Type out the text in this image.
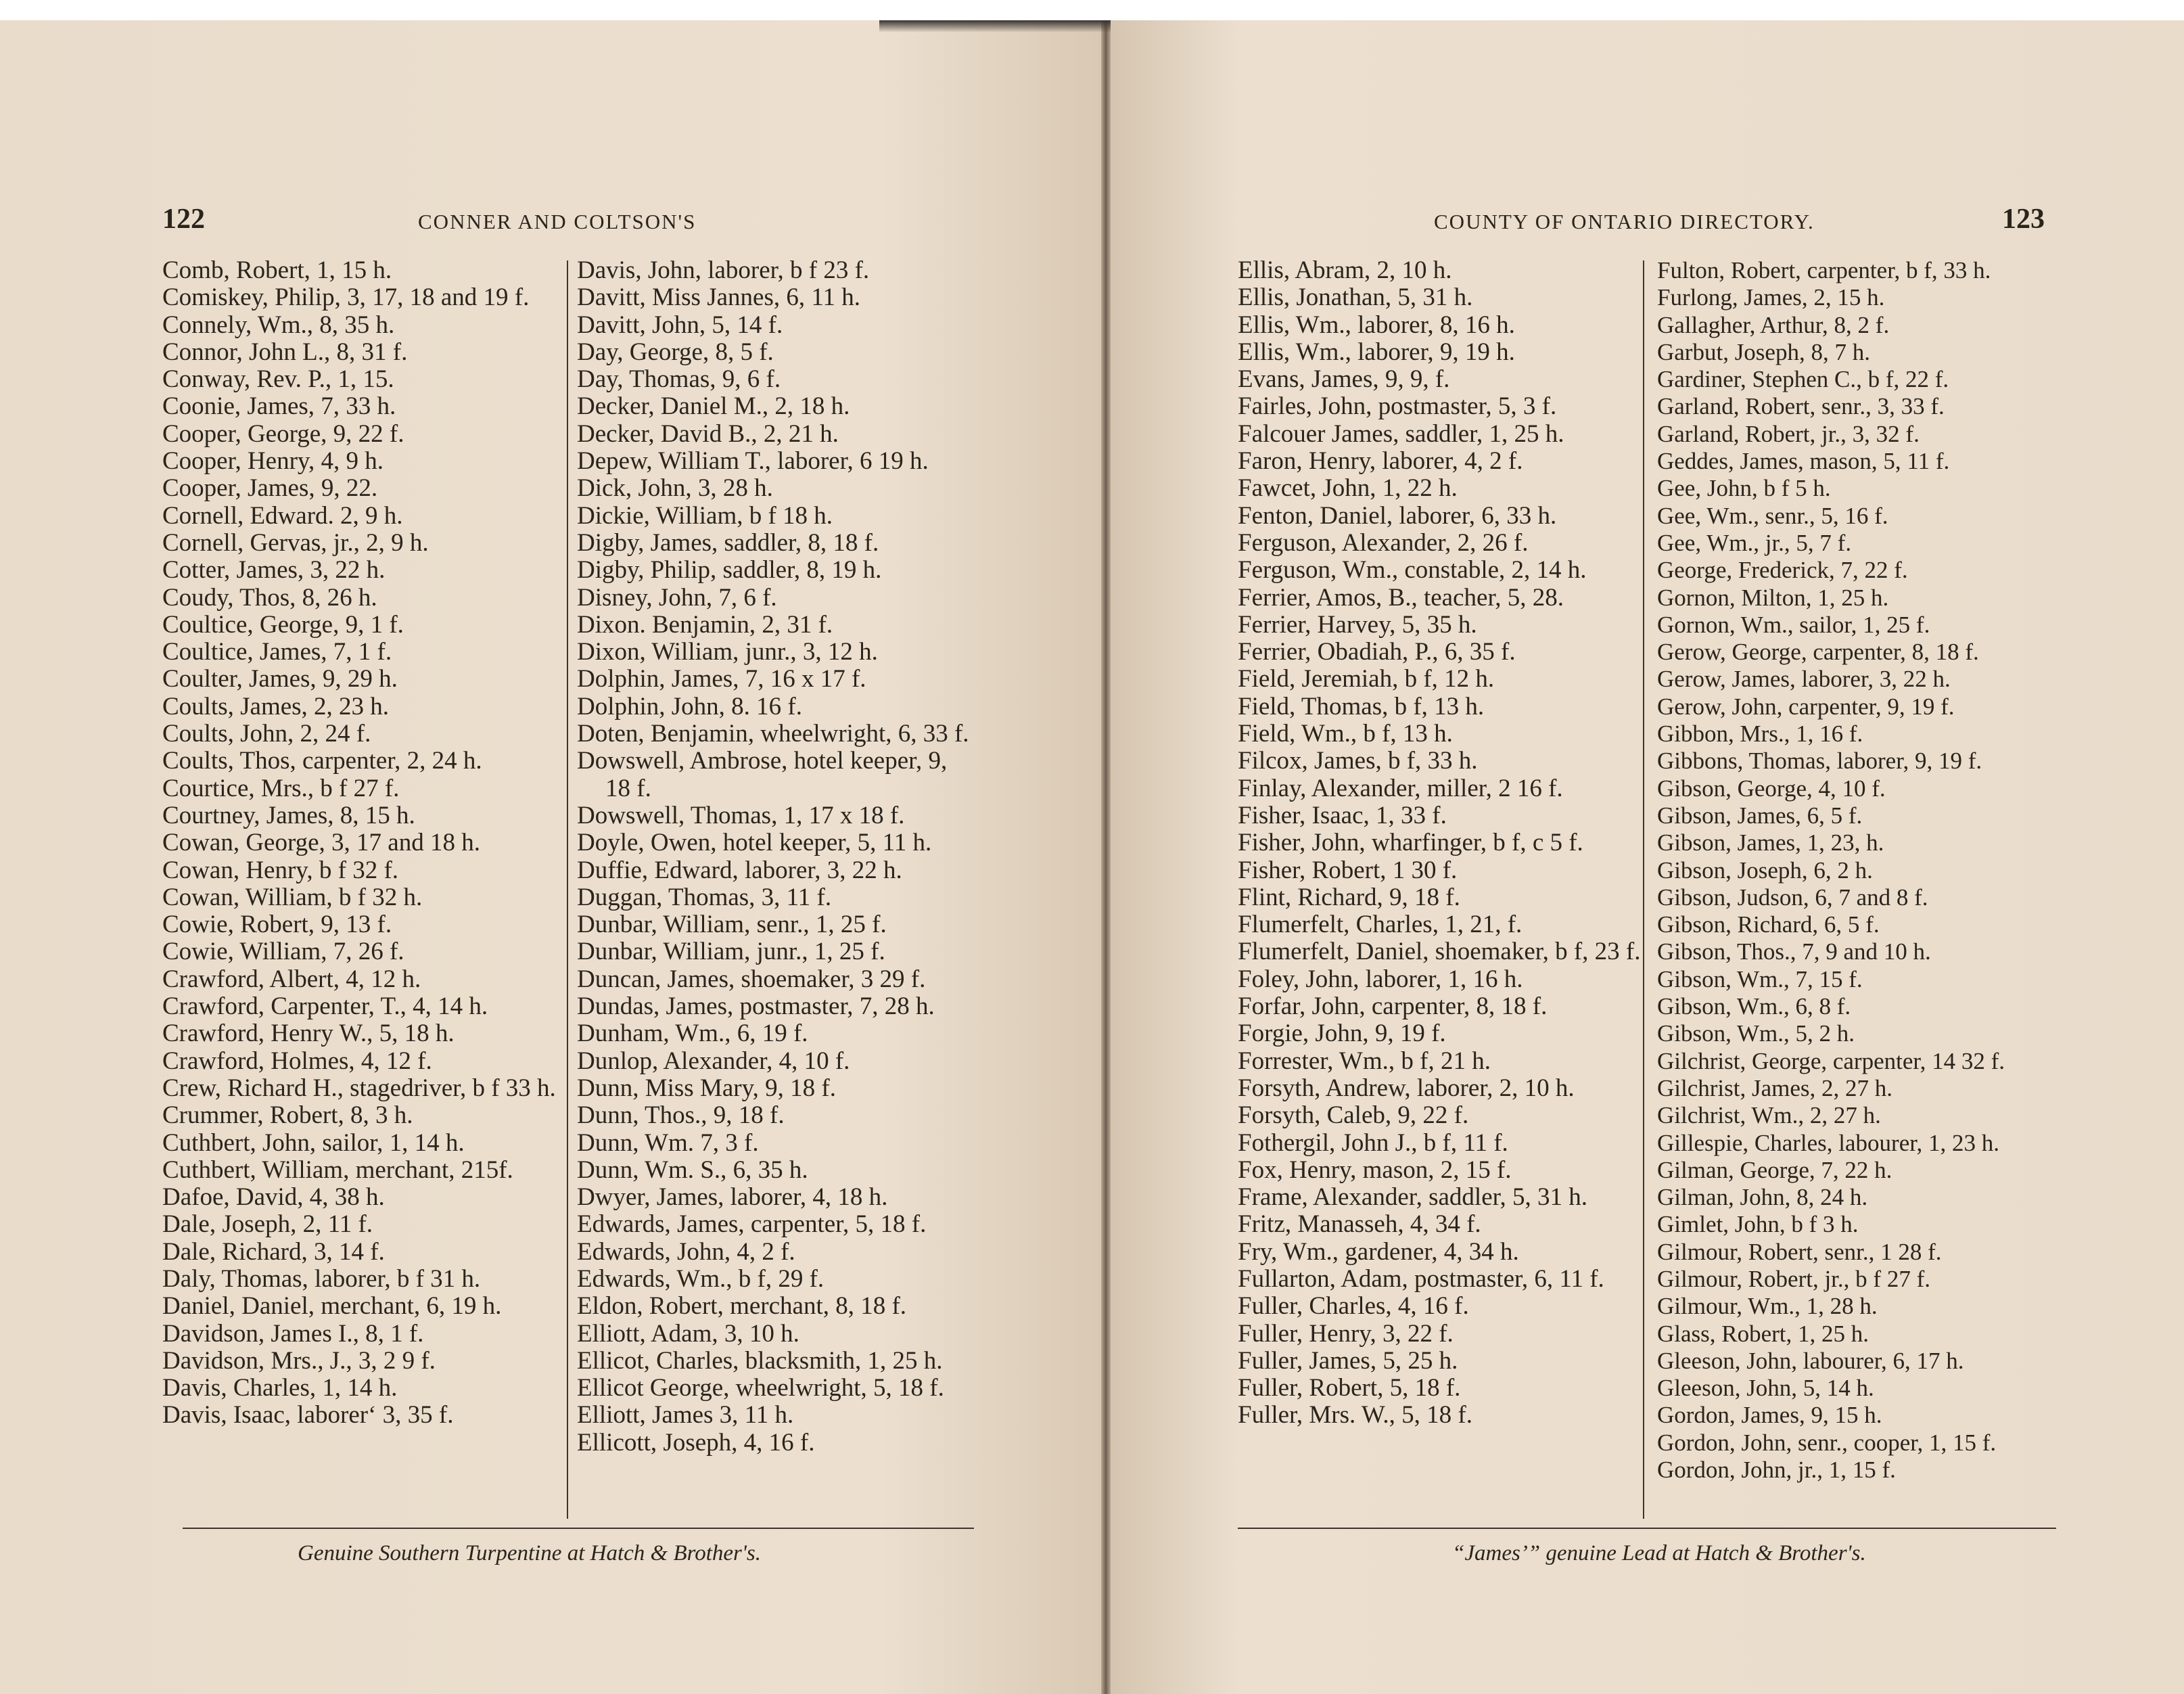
122	CONNER AND COLTSON'S
Comb, Robert, 1, 15 h.
Comiskey, Philip, 3, 17, 18 and 19 f.
Connely, Wm., 8, 35 h.
Connor, John L., 8, 31 f.
Conway, Rev. P., 1, 15.
Coonie, James, 7, 33 h.
Cooper, George, 9, 22 f.
Cooper, Henry, 4, 9 h.
Cooper, James, 9, 22.
Cornell, Edward. 2, 9 h.
Cornell, Gervas, jr., 2, 9 h.
Cotter, James, 3, 22 h.
Coudy, Thos, 8, 26 h.
Coultice, George, 9, 1 f.
Coultice, James, 7, 1 f.
Coulter, James, 9, 29 h.
Coults, James, 2, 23 h.
Coults, John, 2, 24 f.
Coults, Thos, carpenter, 2, 24 h.
Courtice, Mrs., b f 27 f.
Courtney, James, 8, 15 h.
Cowan, George, 3, 17 and 18 h.
Cowan, Henry, b f 32 f.
Cowan, William, b f 32 h.
Cowie, Robert, 9, 13 f.
Cowie, William, 7, 26 f.
Crawford, Albert, 4, 12 h.
Crawford, Carpenter, T., 4, 14 h.
Crawford, Henry W., 5, 18 h.
Crawford, Holmes, 4, 12 f.
Crew, Richard H., stagedriver, b f 33 h.
Crummer, Robert, 8, 3 h.
Cuthbert, John, sailor, 1, 14 h.
Cuthbert, William, merchant, 215f.
Dafoe, David, 4, 38 h.
Dale, Joseph, 2, 11 f.
Dale, Richard, 3, 14 f.
Daly, Thomas, laborer, b f 31 h.
Daniel, Daniel, merchant, 6, 19 h.
Davidson, James I., 8, 1 f.
Davidson, Mrs., J., 3, 2 9 f.
Davis, Charles, 1, 14 h.
Davis, Isaac, laborer‘ 3, 35 f.
Davis, John, laborer, b f 23 f.
Davitt, Miss Jannes, 6, 11 h.
Davitt, John, 5, 14 f.
Day, George, 8, 5 f.
Day, Thomas, 9, 6 f.
Decker, Daniel M., 2, 18 h.
Decker, David B., 2, 21 h.
Depew, William T., laborer, 6 19 h.
Dick, John, 3, 28 h.
Dickie, William, b f 18 h.
Digby, James, saddler, 8, 18 f.
Digby, Philip, saddler, 8, 19 h.
Disney, John, 7, 6 f.
Dixon. Benjamin, 2, 31 f.
Dixon, William, junr., 3, 12 h.
Dolphin, James, 7, 16 x 17 f.
Dolphin, John, 8. 16 f.
Doten, Benjamin, wheelwright, 6, 33 f.
Dowswell, Ambrose, hotel keeper, 9, 18 f.
Dowswell, Thomas, 1, 17 x 18 f.
Doyle, Owen, hotel keeper, 5, 11 h.
Duffie, Edward, laborer, 3, 22 h.
Duggan, Thomas, 3, 11 f.
Dunbar, William, senr., 1, 25 f.
Dunbar, William, junr., 1, 25 f.
Duncan, James, shoemaker, 3 29 f.
Dundas, James, postmaster, 7, 28 h.
Dunham, Wm., 6, 19 f.
Dunlop, Alexander, 4, 10 f.
Dunn, Miss Mary, 9, 18 f.
Dunn, Thos., 9, 18 f.
Dunn, Wm. 7, 3 f.
Dunn, Wm. S., 6, 35 h.
Dwyer, James, laborer, 4, 18 h.
Edwards, James, carpenter, 5, 18 f.
Edwards, John, 4, 2 f.
Edwards, Wm., b f, 29 f.
Eldon, Robert, merchant, 8, 18 f.
Elliott, Adam, 3, 10 h.
Ellicot, Charles, blacksmith, 1, 25 h.
Ellicot George, wheelwright, 5, 18 f.
Elliott, James 3, 11 h.
Ellicott, Joseph, 4, 16 f.
Genuine Southern Turpentine at Hatch & Brother's.
COUNTY OF ONTARIO DIRECTORY.	123
Ellis, Abram, 2, 10 h.
Ellis, Jonathan, 5, 31 h.
Ellis, Wm., laborer, 8, 16 h.
Ellis, Wm., laborer, 9, 19 h.
Evans, James, 9, 9, f.
Fairles, John, postmaster, 5, 3 f.
Falcouer James, saddler, 1, 25 h.
Faron, Henry, laborer, 4, 2 f.
Fawcet, John, 1, 22 h.
Fenton, Daniel, laborer, 6, 33 h.
Ferguson, Alexander, 2, 26 f.
Ferguson, Wm., constable, 2, 14 h.
Ferrier, Amos, B., teacher, 5, 28.
Ferrier, Harvey, 5, 35 h.
Ferrier, Obadiah, P., 6, 35 f.
Field, Jeremiah, b f, 12 h.
Field, Thomas, b f, 13 h.
Field, Wm., b f, 13 h.
Filcox, James, b f, 33 h.
Finlay, Alexander, miller, 2 16 f.
Fisher, Isaac, 1, 33 f.
Fisher, John, wharfinger, b f, c 5 f.
Fisher, Robert, 1 30 f.
Flint, Richard, 9, 18 f.
Flumerfelt, Charles, 1, 21, f.
Flumerfelt, Daniel, shoemaker, b f, 23 f.
Foley, John, laborer, 1, 16 h.
Forfar, John, carpenter, 8, 18 f.
Forgie, John, 9, 19 f.
Forrester, Wm., b f, 21 h.
Forsyth, Andrew, laborer, 2, 10 h.
Forsyth, Caleb, 9, 22 f.
Fothergil, John J., b f, 11 f.
Fox, Henry, mason, 2, 15 f.
Frame, Alexander, saddler, 5, 31 h.
Fritz, Manasseh, 4, 34 f.
Fry, Wm., gardener, 4, 34 h.
Fullarton, Adam, postmaster, 6, 11 f.
Fuller, Charles, 4, 16 f.
Fuller, Henry, 3, 22 f.
Fuller, James, 5, 25 h.
Fuller, Robert, 5, 18 f.
Fuller, Mrs. W., 5, 18 f.
Fulton, Robert, carpenter, b f, 33 h.
Furlong, James, 2, 15 h.
Gallagher, Arthur, 8, 2 f.
Garbut, Joseph, 8, 7 h.
Gardiner, Stephen C., b f, 22 f.
Garland, Robert, senr., 3, 33 f.
Garland, Robert, jr., 3, 32 f.
Geddes, James, mason, 5, 11 f.
Gee, John, b f 5 h.
Gee, Wm., senr., 5, 16 f.
Gee, Wm., jr., 5, 7 f.
George, Frederick, 7, 22 f.
Gornon, Milton, 1, 25 h.
Gornon, Wm., sailor, 1, 25 f.
Gerow, George, carpenter, 8, 18 f.
Gerow, James, laborer, 3, 22 h.
Gerow, John, carpenter, 9, 19 f.
Gibbon, Mrs., 1, 16 f.
Gibbons, Thomas, laborer, 9, 19 f.
Gibson, George, 4, 10 f.
Gibson, James, 6, 5 f.
Gibson, James, 1, 23, h.
Gibson, Joseph, 6, 2 h.
Gibson, Judson, 6, 7 and 8 f.
Gibson, Richard, 6, 5 f.
Gibson, Thos., 7, 9 and 10 h.
Gibson, Wm., 7, 15 f.
Gibson, Wm., 6, 8 f.
Gibson, Wm., 5, 2 h.
Gilchrist, George, carpenter, 14 32 f.
Gilchrist, James, 2, 27 h.
Gilchrist, Wm., 2, 27 h.
Gillespie, Charles, labourer, 1, 23 h.
Gilman, George, 7, 22 h.
Gilman, John, 8, 24 h.
Gimlet, John, b f 3 h.
Gilmour, Robert, senr., 1 28 f.
Gilmour, Robert, jr., b f 27 f.
Gilmour, Wm., 1, 28 h.
Glass, Robert, 1, 25 h.
Gleeson, John, labourer, 6, 17 h.
Gleeson, John, 5, 14 h.
Gordon, James, 9, 15 h.
Gordon, John, senr., cooper, 1, 15 f.
Gordon, John, jr., 1, 15 f.
“James’” genuine Lead at Hatch & Brother's.
